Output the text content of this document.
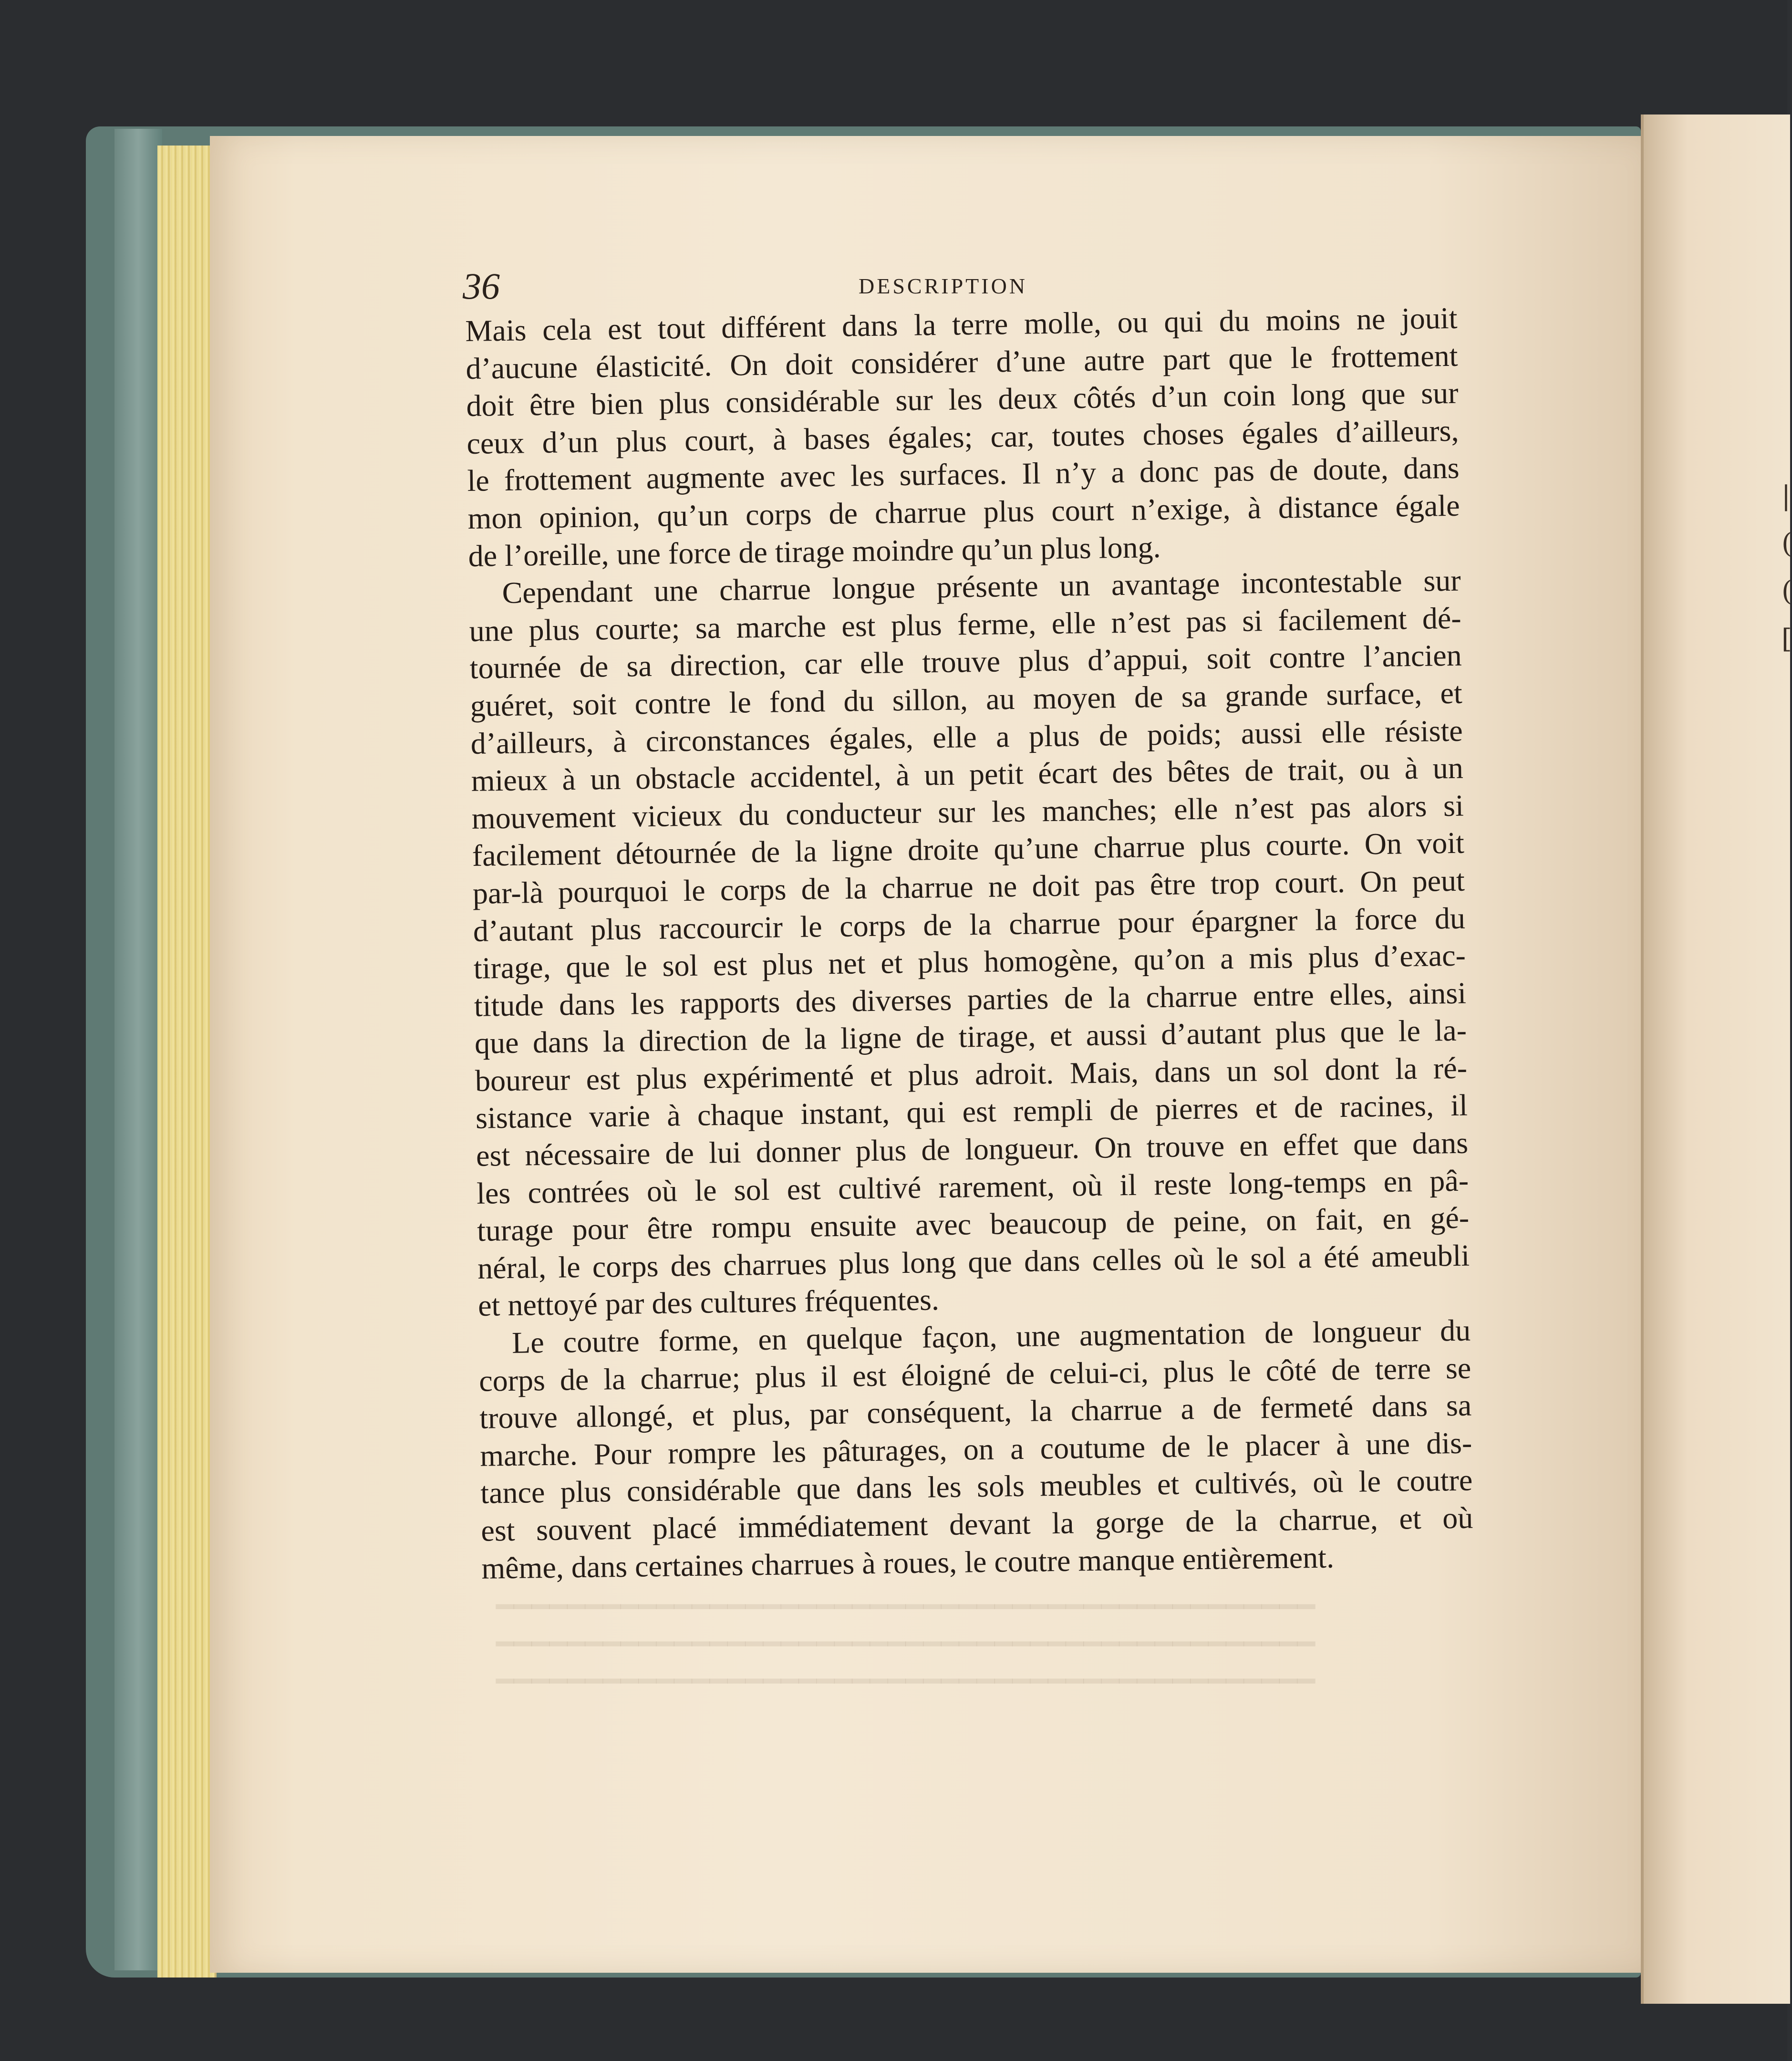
|
(
(
[
━━━━━━━━━━━━━━━━━━━━━━━━━━━━━━━━━━━━━━━━━━━━━━
━━━━━━━━━━━━━━━━━━━━━━━━━━━━━━━━━━━━━━━━━━━━━━
━━━━━━━━━━━━━━━━━━━━━━━━━━━━━━━━━━━━━━━━━━━━━━
36	DESCRIPTION
Mais cela est tout différent dans la terre molle, ou qui du moins ne jouit
d’aucune élasticité. On doit considérer d’une autre part que le frottement
doit être bien plus considérable sur les deux côtés d’un coin long que sur
ceux d’un plus court, à bases égales; car, toutes choses égales d’ailleurs,
le frottement augmente avec les surfaces. Il n’y a donc pas de doute, dans
mon opinion, qu’un corps de charrue plus court n’exige, à distance égale
de l’oreille, une force de tirage moindre qu’un plus long.
Cependant une charrue longue présente un avantage incontestable sur
une plus courte; sa marche est plus ferme, elle n’est pas si facilement dé-
tournée de sa direction, car elle trouve plus d’appui, soit contre l’ancien
guéret, soit contre le fond du sillon, au moyen de sa grande surface, et
d’ailleurs, à circonstances égales, elle a plus de poids; aussi elle résiste
mieux à un obstacle accidentel, à un petit écart des bêtes de trait, ou à un
mouvement vicieux du conducteur sur les manches; elle n’est pas alors si
facilement détournée de la ligne droite qu’une charrue plus courte. On voit
par-là pourquoi le corps de la charrue ne doit pas être trop court. On peut
d’autant plus raccourcir le corps de la charrue pour épargner la force du
tirage, que le sol est plus net et plus homogène, qu’on a mis plus d’exac-
titude dans les rapports des diverses parties de la charrue entre elles, ainsi
que dans la direction de la ligne de tirage, et aussi d’autant plus que le la-
boureur est plus expérimenté et plus adroit. Mais, dans un sol dont la ré-
sistance varie à chaque instant, qui est rempli de pierres et de racines, il
est nécessaire de lui donner plus de longueur. On trouve en effet que dans
les contrées où le sol est cultivé rarement, où il reste long-temps en pâ-
turage pour être rompu ensuite avec beaucoup de peine, on fait, en gé-
néral, le corps des charrues plus long que dans celles où le sol a été ameubli
et nettoyé par des cultures fréquentes.
Le coutre forme, en quelque façon, une augmentation de longueur du
corps de la charrue; plus il est éloigné de celui-ci, plus le côté de terre se
trouve allongé, et plus, par conséquent, la charrue a de fermeté dans sa
marche. Pour rompre les pâturages, on a coutume de le placer à une dis-
tance plus considérable que dans les sols meubles et cultivés, où le coutre
est souvent placé immédiatement devant la gorge de la charrue, et où
même, dans certaines charrues à roues, le coutre manque entièrement.
